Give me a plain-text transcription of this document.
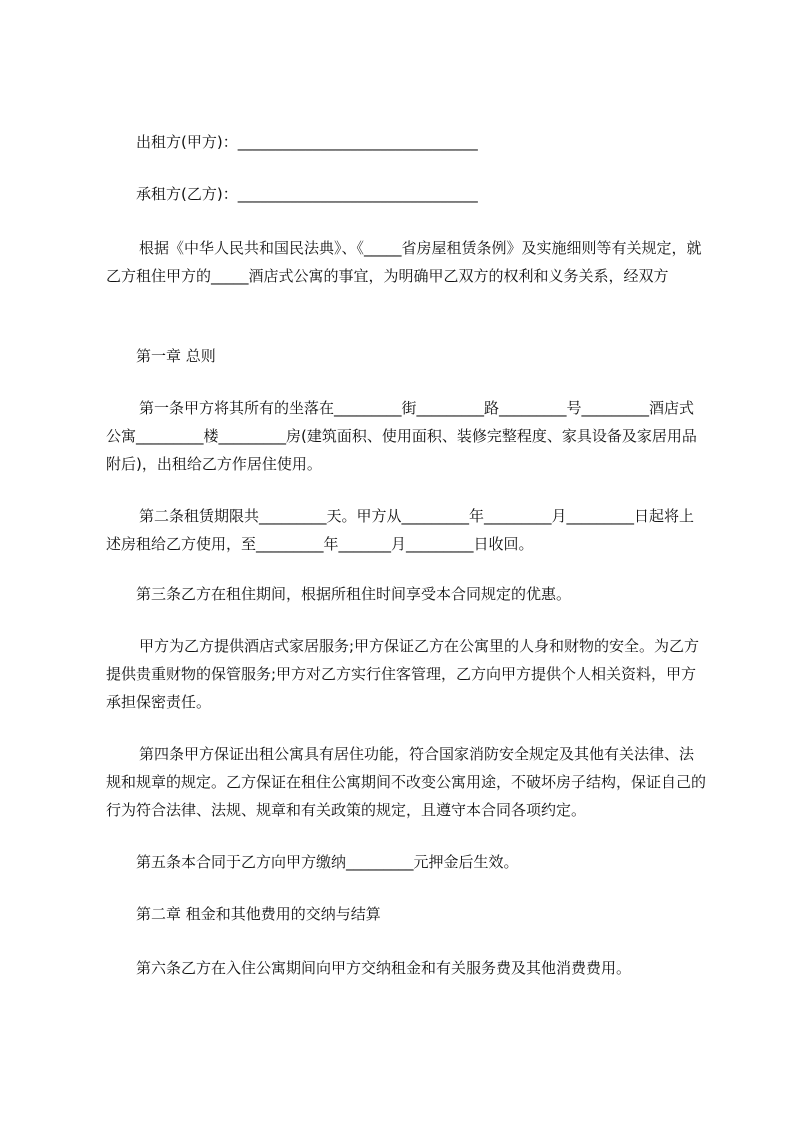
出租方(甲方)：________________________________

承租方(乙方)：________________________________

根据《中华人民共和国民法典》、《_____省房屋租赁条例》及实施细则等有关规定，就乙方租住甲方的_____酒店式公寓的事宜，为明确甲乙双方的权利和义务关系，经双方

第一章 总则

第一条甲方将其所有的坐落在_________街_________路_________号_________酒店式公寓_________楼_________房(建筑面积、使用面积、装修完整程度、家具设备及家居用品附后)，出租给乙方作居住使用。

第二条租赁期限共_________天。甲方从_________年_________月_________日起将上述房租给乙方使用，至_________年_______月_________日收回。

第三条乙方在租住期间，根据所租住时间享受本合同规定的优惠。

甲方为乙方提供酒店式家居服务;甲方保证乙方在公寓里的人身和财物的安全。为乙方提供贵重财物的保管服务;甲方对乙方实行住客管理，乙方向甲方提供个人相关资料，甲方承担保密责任。

第四条甲方保证出租公寓具有居住功能，符合国家消防安全规定及其他有关法律、法规和规章的规定。乙方保证在租住公寓期间不改变公寓用途，不破坏房子结构，保证自己的行为符合法律、法规、规章和有关政策的规定，且遵守本合同各项约定。

第五条本合同于乙方向甲方缴纳_________元押金后生效。

第二章 租金和其他费用的交纳与结算

第六条乙方在入住公寓期间向甲方交纳租金和有关服务费及其他消费费用。
